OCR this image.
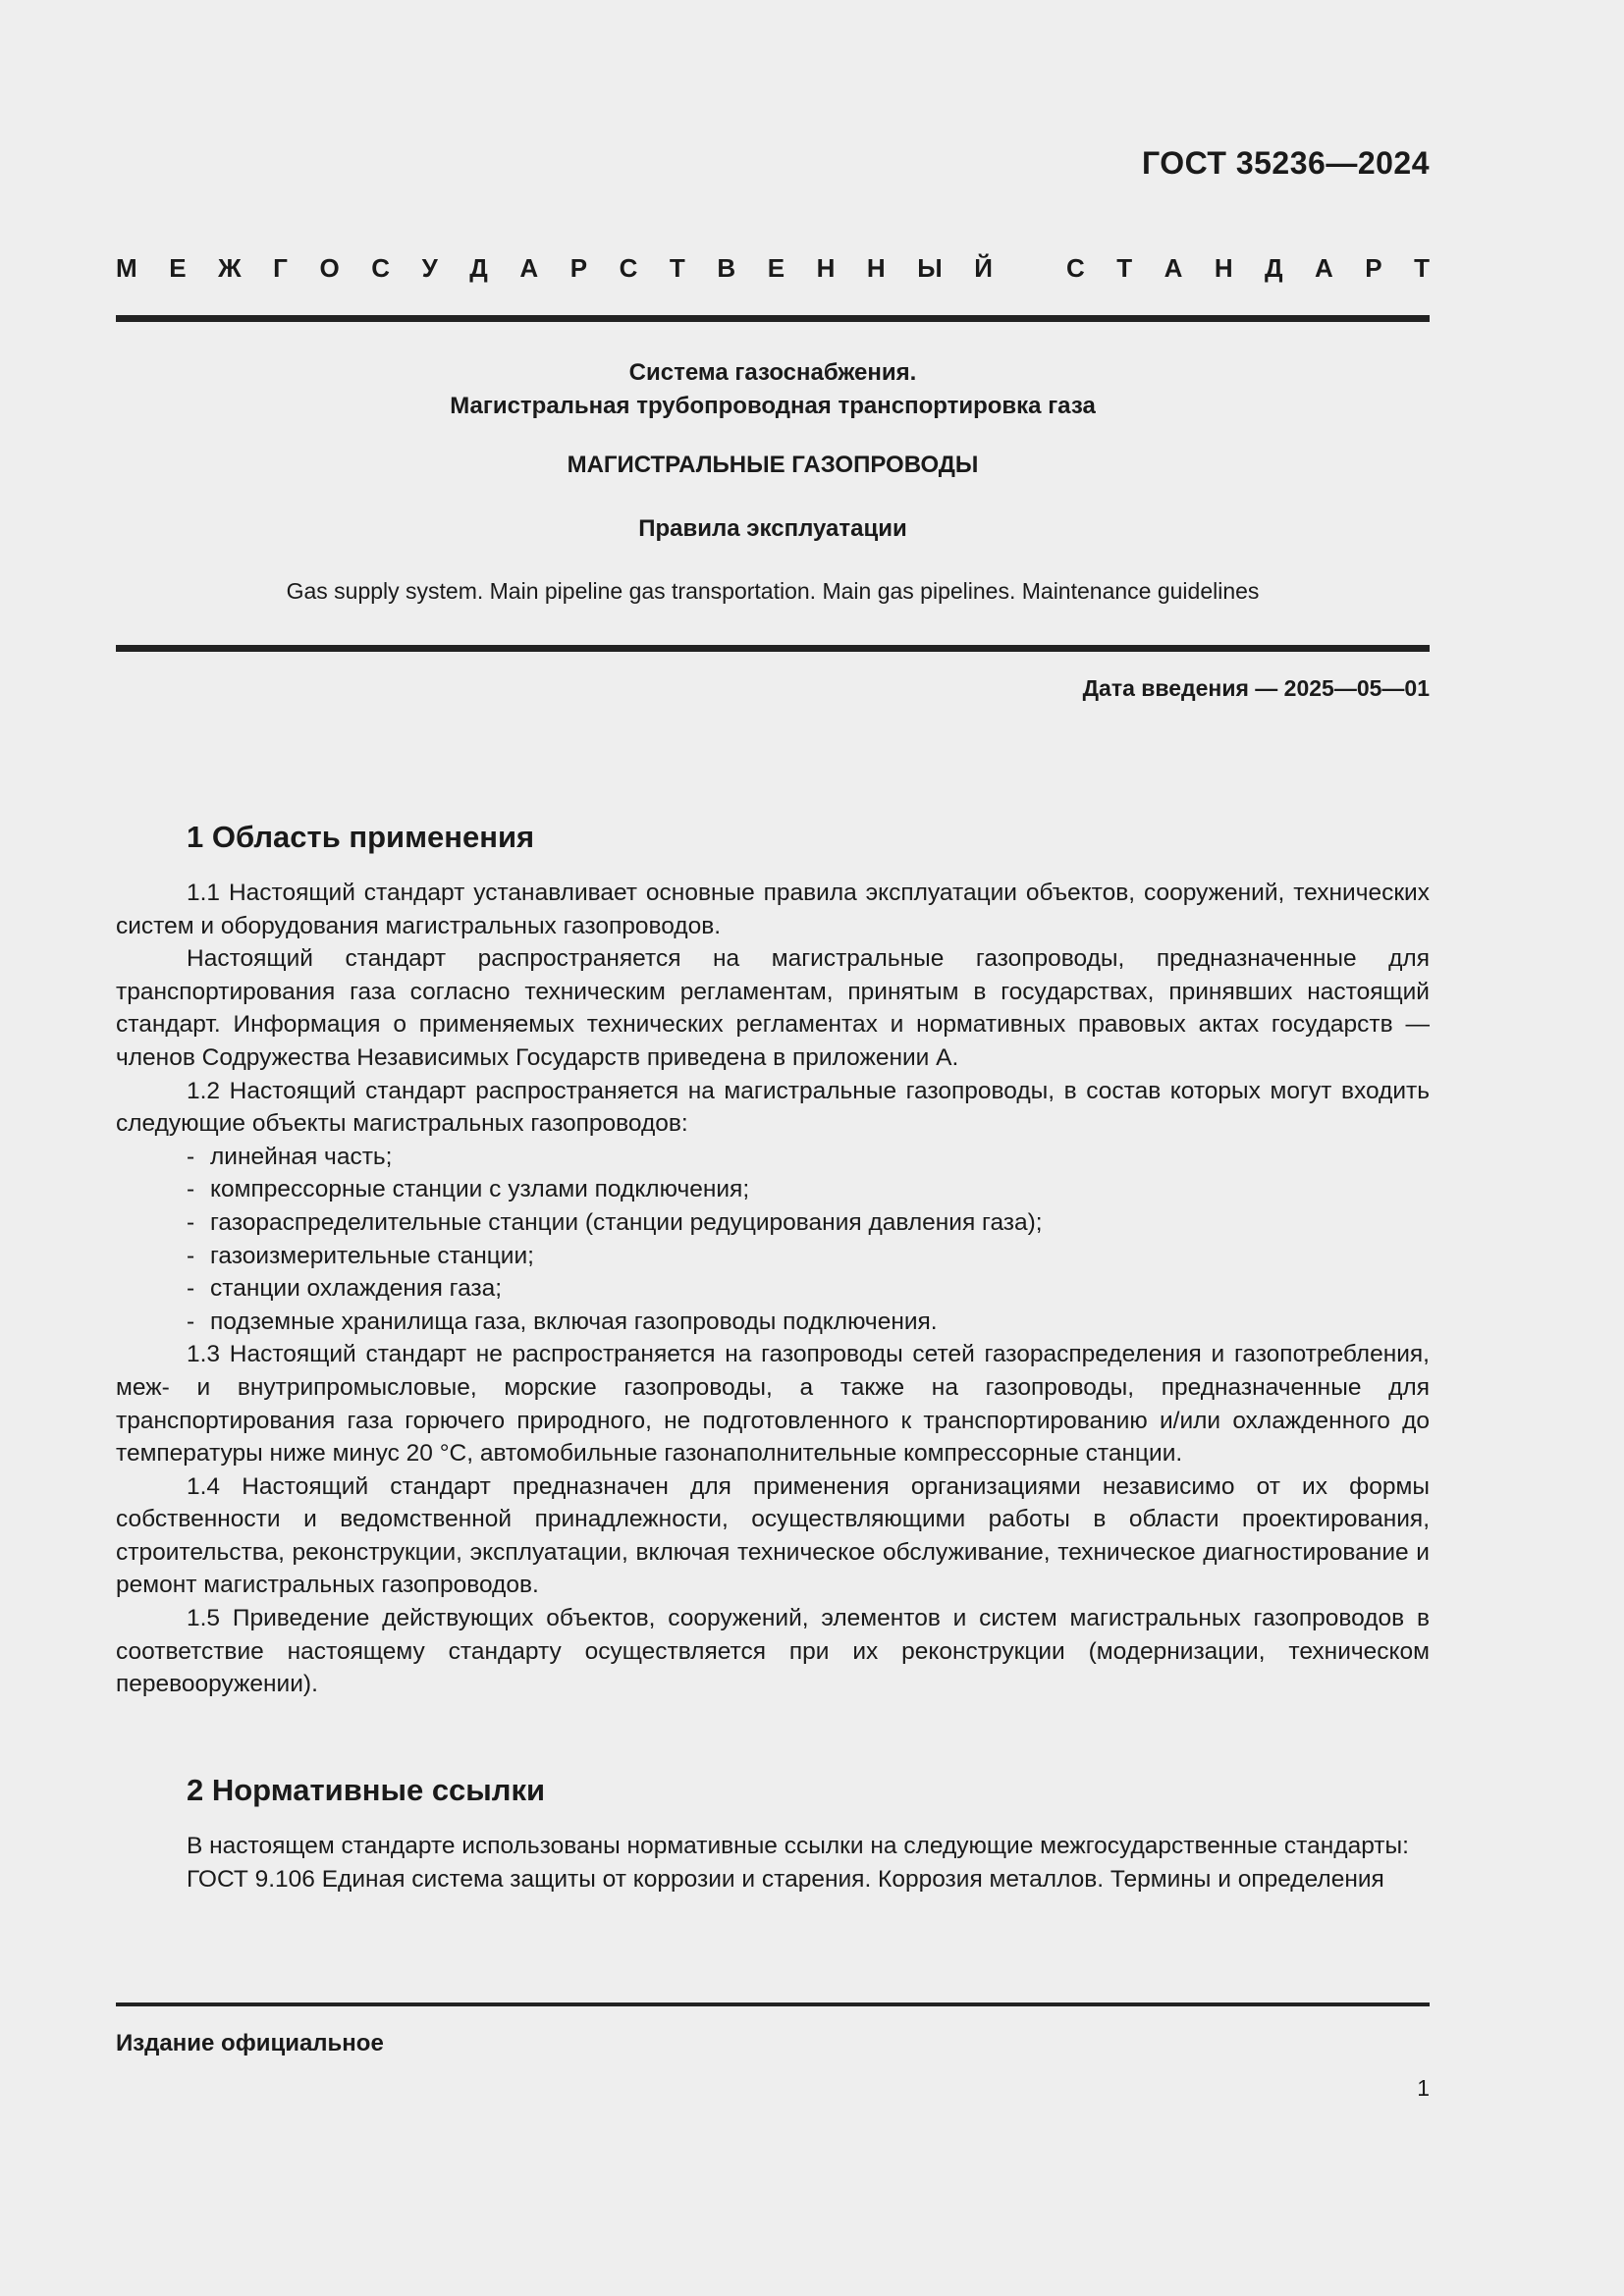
ГОСТ 35236—2024
М Е Ж Г О С У Д А Р С Т В Е Н Н Ы Й	С Т А Н Д А Р Т
Система газоснабжения.
Магистральная трубопроводная транспортировка газа
МАГИСТРАЛЬНЫЕ ГАЗОПРОВОДЫ
Правила эксплуатации
Gas supply system. Main pipeline gas transportation. Main gas pipelines. Maintenance guidelines
Дата введения — 2025—05—01
1 Область применения

1.1 Настоящий стандарт устанавливает основные правила эксплуатации объектов, сооружений, технических систем и оборудования магистральных газопроводов.

Настоящий стандарт распространяется на магистральные газопроводы, предназначенные для транспортирования газа согласно техническим регламентам, принятым в государствах, принявших настоящий стандарт. Информация о применяемых технических регламентах и нормативных правовых актах государств — членов Содружества Независимых Государств приведена в приложении А.

1.2 Настоящий стандарт распространяется на магистральные газопроводы, в состав которых могут входить следующие объекты магистральных газопроводов:

- линейная часть;
- компрессорные станции с узлами подключения;
- газораспределительные станции (станции редуцирования давления газа);
- газоизмерительные станции;
- станции охлаждения газа;
- подземные хранилища газа, включая газопроводы подключения.

1.3 Настоящий стандарт не распространяется на газопроводы сетей газораспределения и газопотребления, меж- и внутрипромысловые, морские газопроводы, а также на газопроводы, предназначенные для транспортирования газа горючего природного, не подготовленного к транспортированию и/или охлажденного до температуры ниже минус 20 °С, автомобильные газонаполнительные компрессорные станции.

1.4 Настоящий стандарт предназначен для применения организациями независимо от их формы собственности и ведомственной принадлежности, осуществляющими работы в области проектирования, строительства, реконструкции, эксплуатации, включая техническое обслуживание, техническое диагностирование и ремонт магистральных газопроводов.

1.5 Приведение действующих объектов, сооружений, элементов и систем магистральных газопроводов в соответствие настоящему стандарту осуществляется при их реконструкции (модернизации, техническом перевооружении).

2 Нормативные ссылки

В настоящем стандарте использованы нормативные ссылки на следующие межгосударственные стандарты:

ГОСТ 9.106 Единая система защиты от коррозии и старения. Коррозия металлов. Термины и определения

Издание официальное
1
